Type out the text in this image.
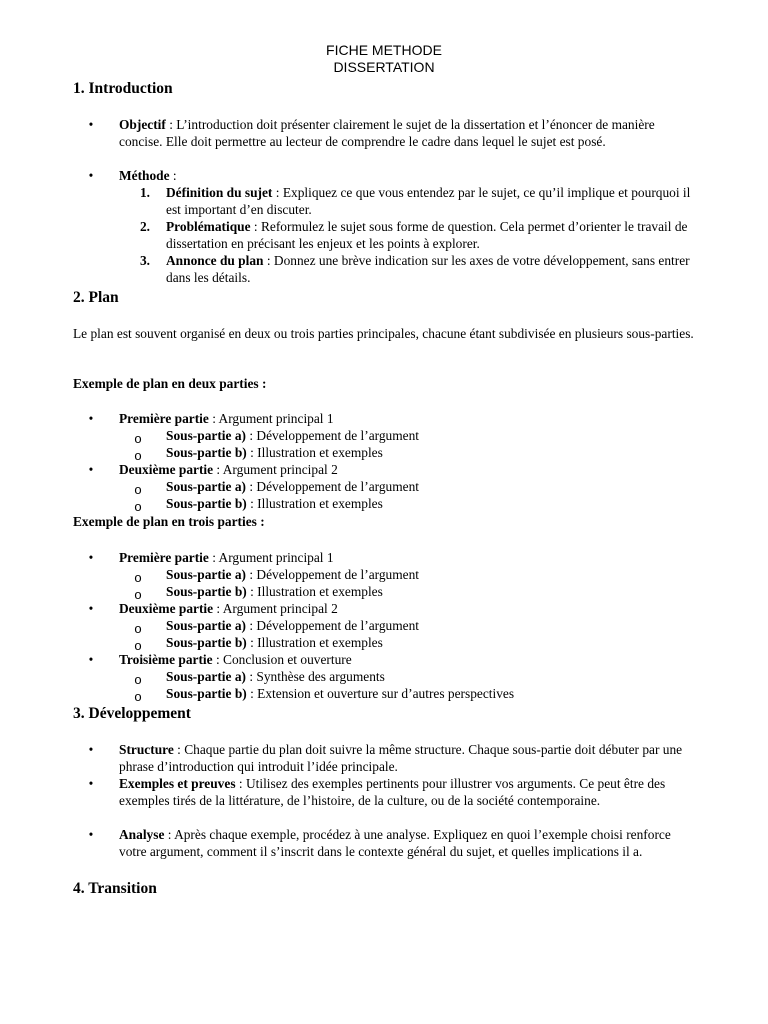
FICHE METHODE
DISSERTATION
1. Introduction
• Objectif : L’introduction doit présenter clairement le sujet de la dissertation et l’énoncer de manière concise. Elle doit permettre au lecteur de comprendre le cadre dans lequel le sujet est posé.
• Méthode :
1. Définition du sujet : Expliquez ce que vous entendez par le sujet, ce qu’il implique et pourquoi il est important d’en discuter.
2. Problématique : Reformulez le sujet sous forme de question. Cela permet d’orienter le travail de dissertation en précisant les enjeux et les points à explorer.
3. Annonce du plan : Donnez une brève indication sur les axes de votre développement, sans entrer dans les détails.
2. Plan
Le plan est souvent organisé en deux ou trois parties principales, chacune étant subdivisée en plusieurs sous-parties.
Exemple de plan en deux parties :
• Première partie : Argument principal 1
o Sous-partie a) : Développement de l’argument
o Sous-partie b) : Illustration et exemples
• Deuxième partie : Argument principal 2
o Sous-partie a) : Développement de l’argument
o Sous-partie b) : Illustration et exemples
Exemple de plan en trois parties :
• Première partie : Argument principal 1
o Sous-partie a) : Développement de l’argument
o Sous-partie b) : Illustration et exemples
• Deuxième partie : Argument principal 2
o Sous-partie a) : Développement de l’argument
o Sous-partie b) : Illustration et exemples
• Troisième partie : Conclusion et ouverture
o Sous-partie a) : Synthèse des arguments
o Sous-partie b) : Extension et ouverture sur d’autres perspectives
3. Développement
• Structure : Chaque partie du plan doit suivre la même structure. Chaque sous-partie doit débuter par une phrase d’introduction qui introduit l’idée principale.
• Exemples et preuves : Utilisez des exemples pertinents pour illustrer vos arguments. Ce peut être des exemples tirés de la littérature, de l’histoire, de la culture, ou de la société contemporaine.
• Analyse : Après chaque exemple, procédez à une analyse. Expliquez en quoi l’exemple choisi renforce votre argument, comment il s’inscrit dans le contexte général du sujet, et quelles implications il a.
4. Transition
